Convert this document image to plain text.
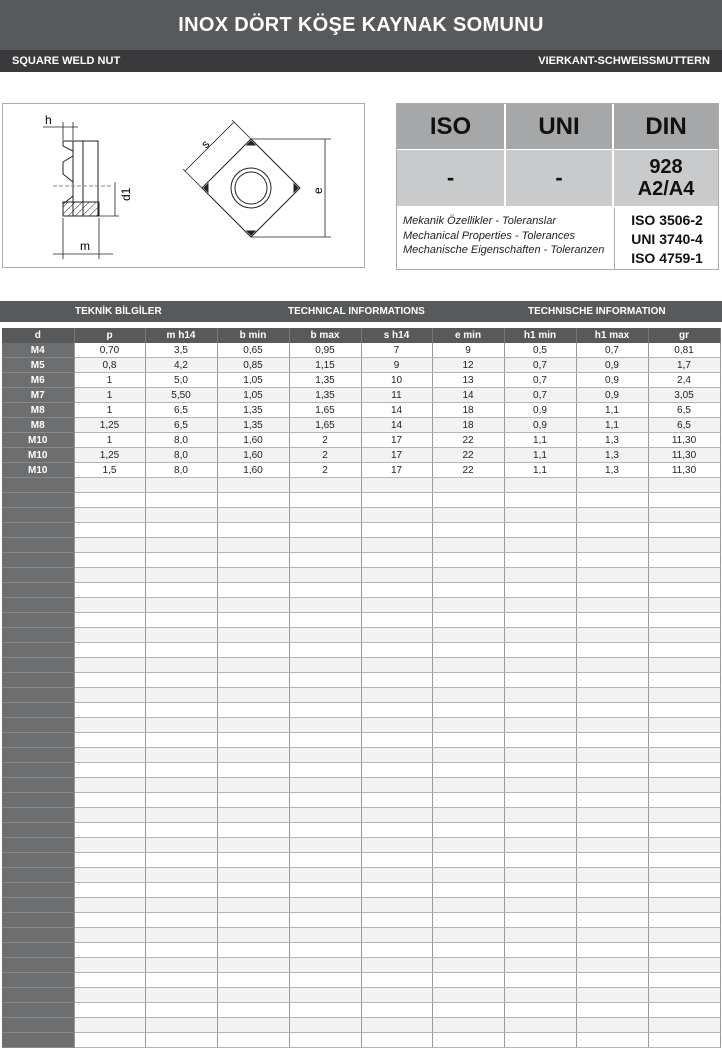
INOX DÖRT KÖŞE KAYNAK SOMUNU
SQUARE WELD NUT	VIERKANT-SCHWEISSMUTTERN
h
m
d1
s
e
ISO	UNI	DIN
-	-	928
A2/A4
Mekanik Özellikler - Toleranslar
Mechanical Properties - Tolerances
Mechanische Eigenschaften - Toleranzen
ISO 3506-2
UNI 3740-4
ISO 4759-1
TEKNİK BİLGİLER	TECHNICAL INFORMATIONS	TECHNISCHE INFORMATION
d	p	m h14	b min	b max	s h14	e min	h1 min	h1 max	gr
M4	0,70	3,5	0,65	0,95	7	9	0,5	0,7	0,81
M5	0,8	4,2	0,85	1,15	9	12	0,7	0,9	1,7
M6	1	5,0	1,05	1,35	10	13	0,7	0,9	2,4
M7	1	5,50	1,05	1,35	11	14	0,7	0,9	3,05
M8	1	6,5	1,35	1,65	14	18	0,9	1,1	6,5
M8	1,25	6,5	1,35	1,65	14	18	0,9	1,1	6,5
M10	1	8,0	1,60	2	17	22	1,1	1,3	11,30
M10	1,25	8,0	1,60	2	17	22	1,1	1,3	11,30
M10	1,5	8,0	1,60	2	17	22	1,1	1,3	11,30
